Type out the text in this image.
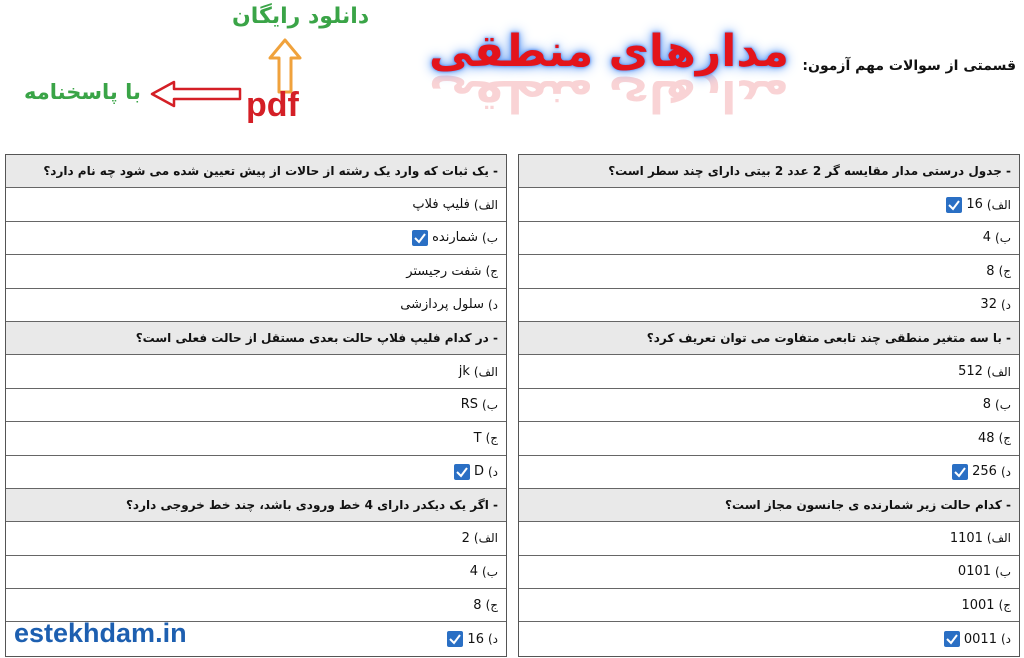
دانلود رایگان
pdf
با پاسخنامه
قسمتی از سوالات مهم آزمون:
مدارهای منطقی
مدارهای منطقی
- جدول درستی مدار مقایسه گر 2 عدد 2 بیتی دارای چند سطر است؟
الف)
16
ب)
4
ج)
8
د)
32
- با سه متغیر منطقی چند تابعی متفاوت می توان تعریف کرد؟
الف)
512
ب)
8
ج)
48
د)
256
- کدام حالت زیر شمارنده ی جانسون مجاز است؟
الف)
1101
ب)
0101
ج)
1001
د)
0011
- یک ثبات که وارد یک رشته از حالات از پیش تعیین شده می شود چه نام دارد؟
الف)
فلیپ فلاپ
ب)
شمارنده
ج)
شفت رجیستر
د)
سلول پردازشی
- در کدام فلیپ فلاپ حالت بعدی مستقل از حالت فعلی است؟
الف)
jk
ب)
RS
ج)
T
د)
D
- اگر یک دیکدر دارای 4 خط ورودی باشد، چند خط خروجی دارد؟
الف)
2
ب)
4
ج)
8
د)
16
estekhdam.in
